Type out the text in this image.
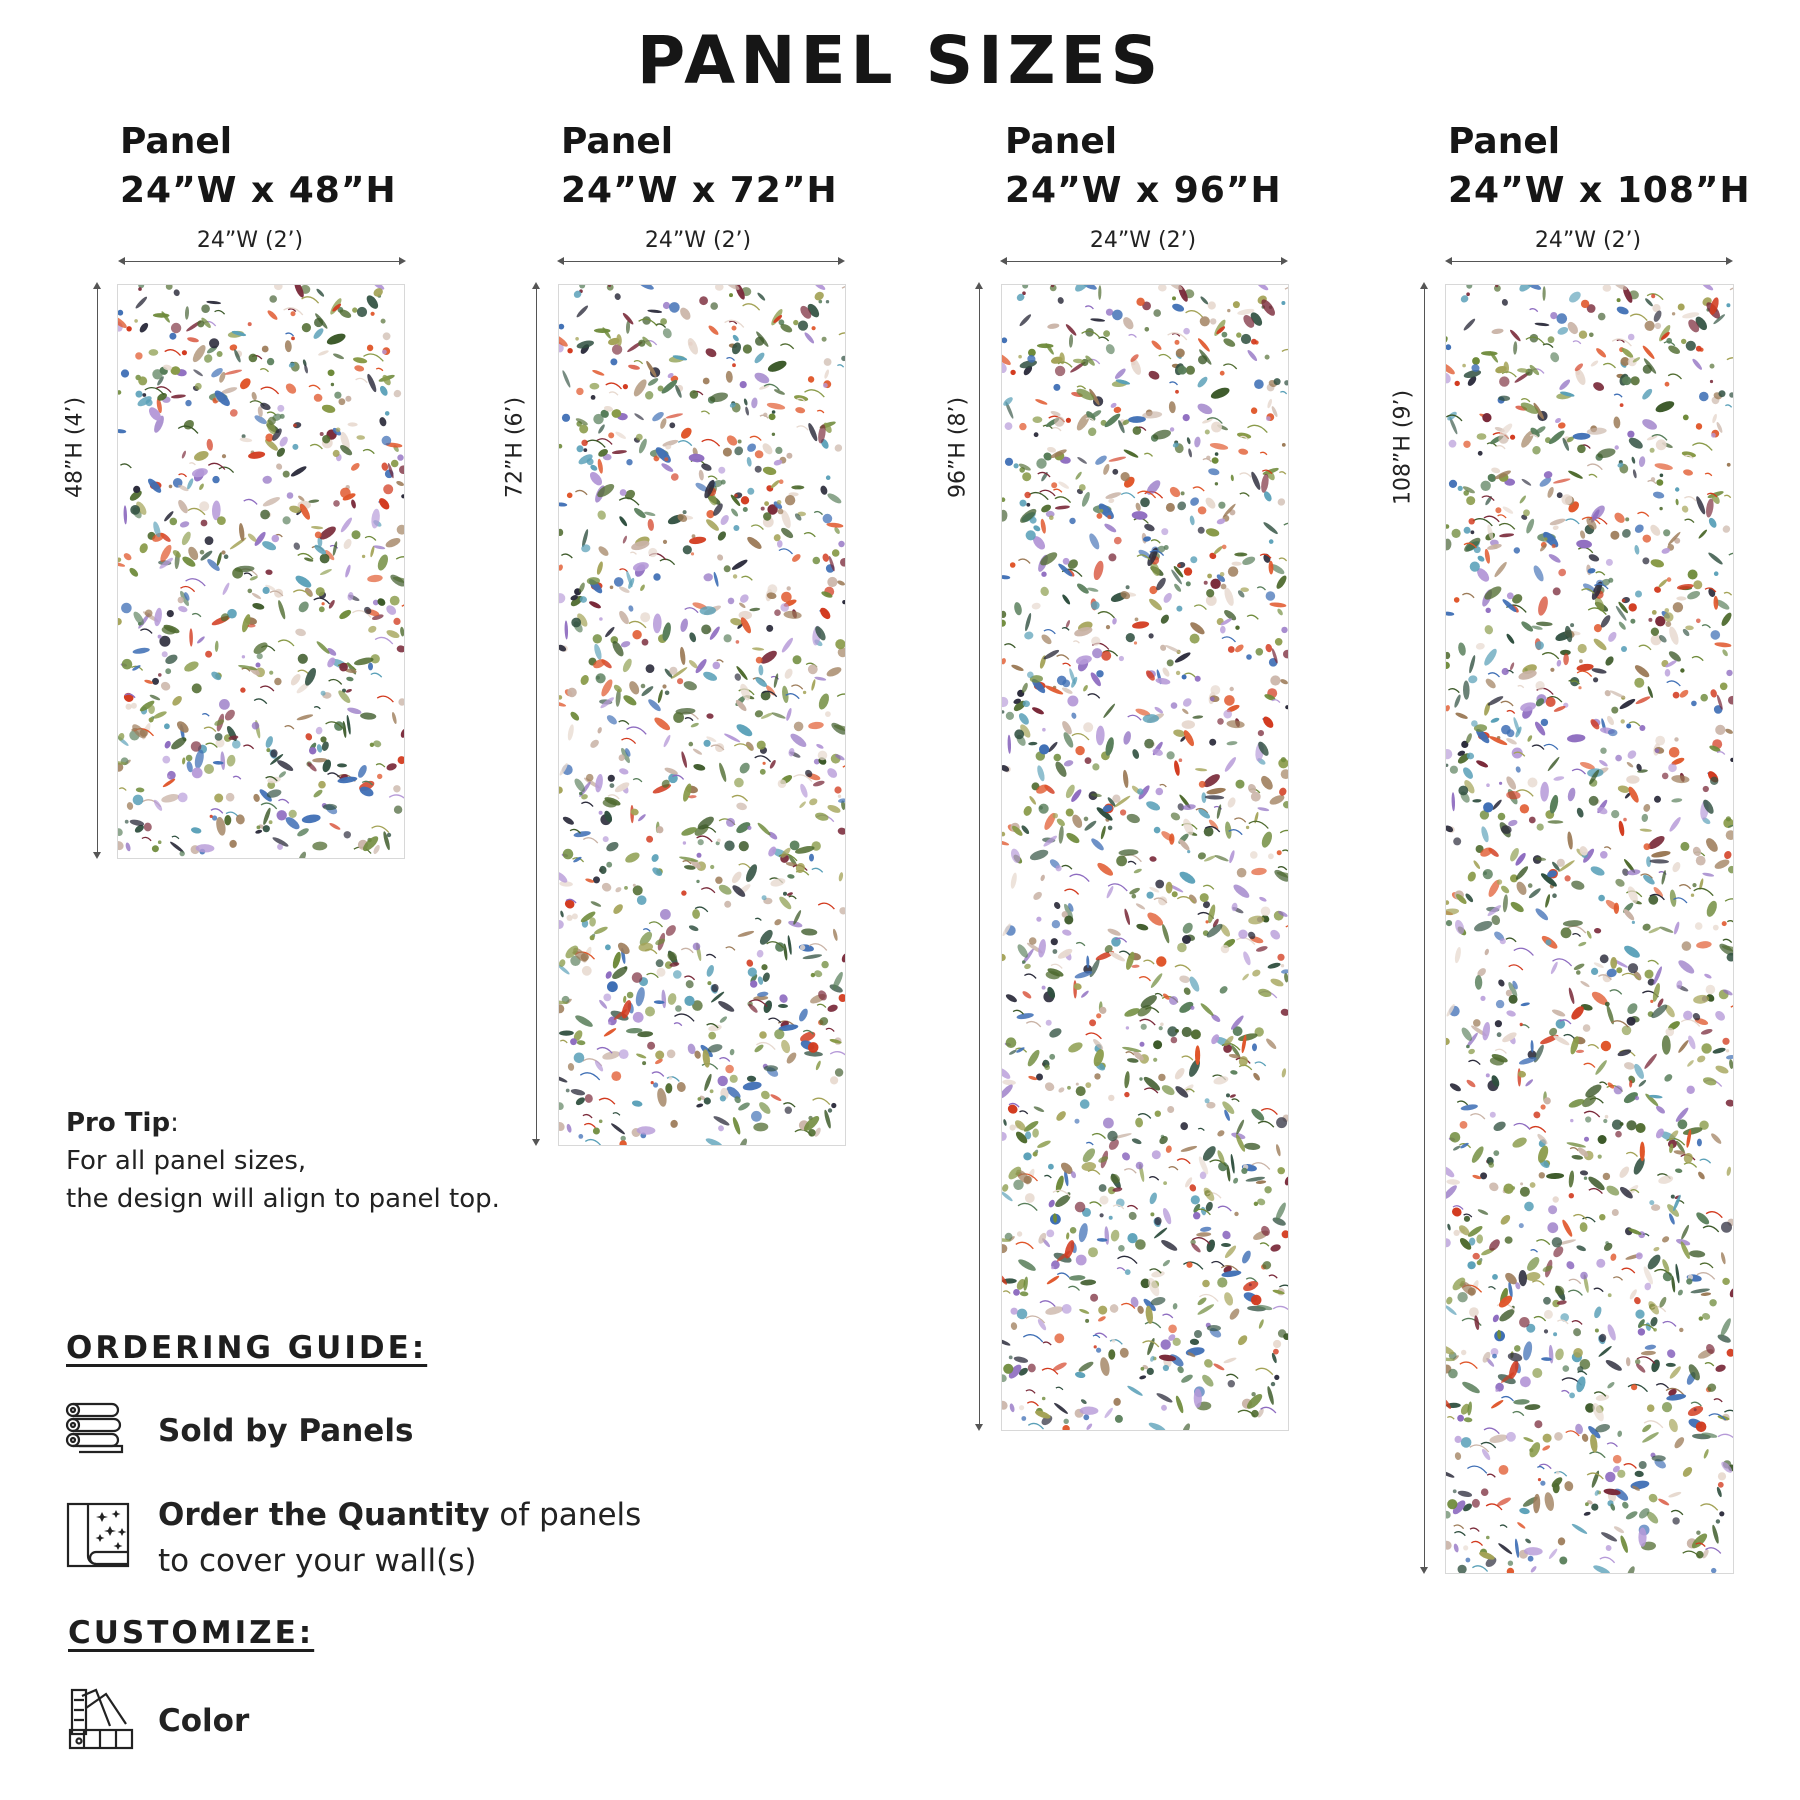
PANEL SIZES
Panel
24”W x 48”H
24”W (2’)
48”H (4’)
Panel
24”W x 72”H
24”W (2’)
72”H (6’)
Panel
24”W x 96”H
24”W (2’)
96”H (8’)
Panel
24”W x 108”H
24”W (2’)
108”H (9’)
Pro Tip:
For all panel sizes,
the design will align to panel top.
ORDERING GUIDE:
Sold by Panels
Order the Quantity of panels
to cover your wall(s)
CUSTOMIZE:
Color
